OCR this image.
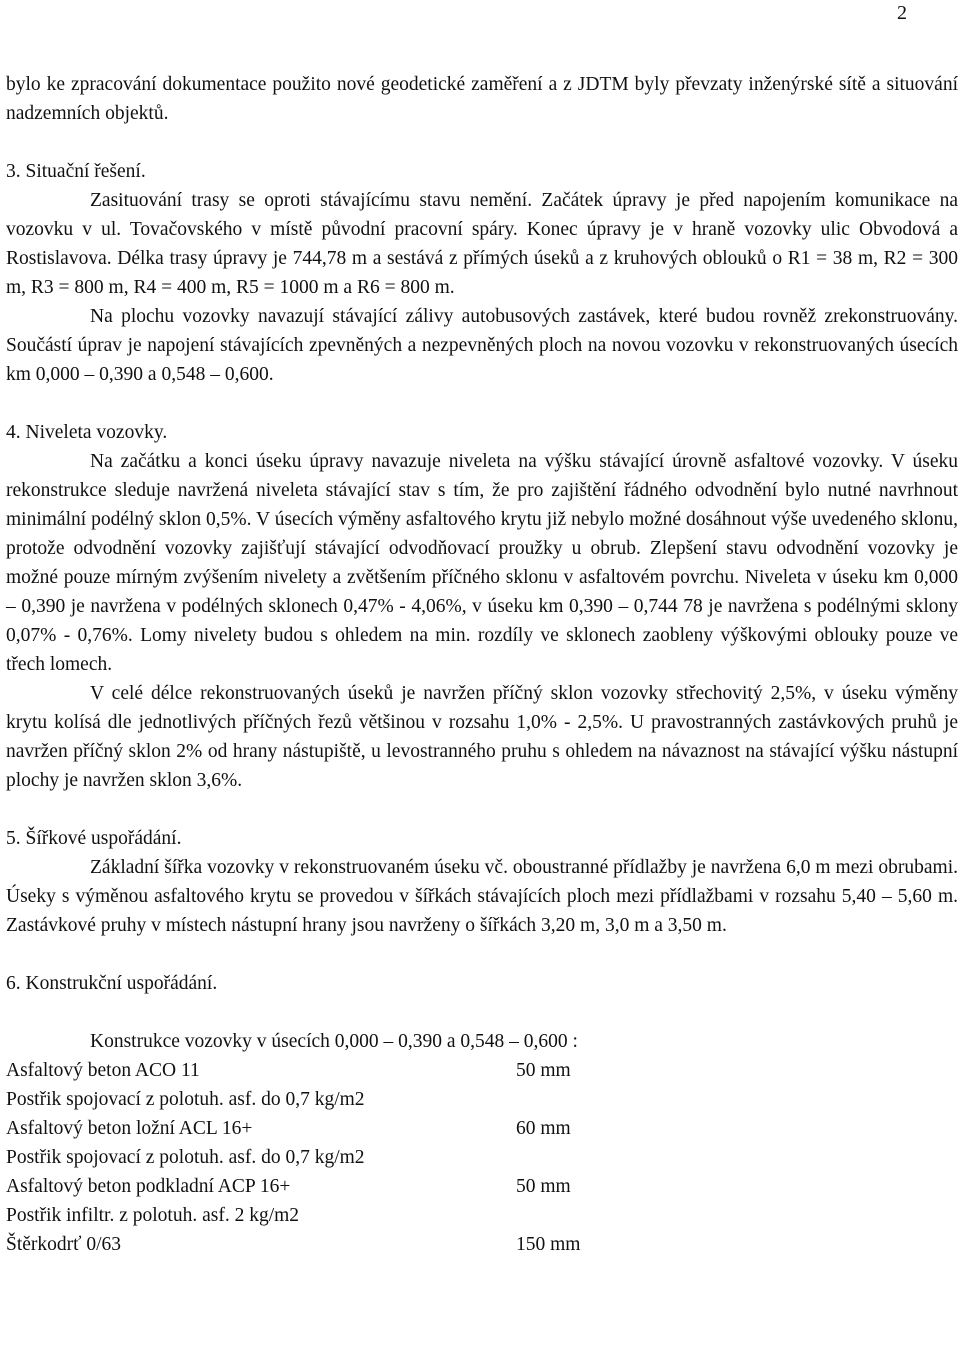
2

bylo ke zpracování dokumentace použito nové geodetické zaměření a z JDTM byly převzaty inženýrské sítě a situování nadzemních objektů.

3. Situační řešení.

Zasituování trasy se oproti stávajícímu stavu nemění. Začátek úpravy je před napojením komunikace na vozovku v ul. Tovačovského v místě původní pracovní spáry. Konec úpravy je v hraně vozovky ulic Obvodová a Rostislavova. Délka trasy úpravy je 744,78 m a sestává z přímých úseků a z kruhových oblouků o R1 = 38 m, R2 = 300 m, R3 = 800 m, R4 = 400 m, R5 = 1000 m a R6 = 800 m.

Na plochu vozovky navazují stávající zálivy autobusových zastávek, které budou rovněž zrekonstruovány. Součástí úprav je napojení stávajících zpevněných a nezpevněných ploch na novou vozovku v rekonstruovaných úsecích km 0,000 – 0,390 a 0,548 – 0,600.

4. Niveleta vozovky.

Na začátku a konci úseku úpravy navazuje niveleta na výšku stávající úrovně asfaltové vozovky. V úseku rekonstrukce sleduje navržená niveleta stávající stav s tím, že pro zajištění řádného odvodnění bylo nutné navrhnout minimální podélný sklon 0,5%. V úsecích výměny asfaltového krytu již nebylo možné dosáhnout výše uvedeného sklonu, protože odvodnění vozovky zajišťují stávající odvodňovací proužky u obrub. Zlepšení stavu odvodnění vozovky je možné pouze mírným zvýšením nivelety a zvětšením příčného sklonu v asfaltovém povrchu. Niveleta v úseku km 0,000 – 0,390 je navržena v podélných sklonech 0,47% - 4,06%, v úseku km 0,390 – 0,744 78 je navržena s podélnými sklony 0,07% - 0,76%. Lomy nivelety budou s ohledem na min. rozdíly ve sklonech zaobleny výškovými oblouky pouze ve třech lomech.

V celé délce rekonstruovaných úseků je navržen příčný sklon vozovky střechovitý 2,5%, v úseku výměny krytu kolísá dle jednotlivých příčných řezů většinou v rozsahu 1,0% - 2,5%. U pravostranných zastávkových pruhů je navržen příčný sklon 2% od hrany nástupiště, u levostranného pruhu s ohledem na návaznost na stávající výšku nástupní plochy je navržen sklon 3,6%.

5. Šířkové uspořádání.

Základní šířka vozovky v rekonstruovaném úseku vč. oboustranné přídlažby je navržena 6,0 m mezi obrubami. Úseky s výměnou asfaltového krytu se provedou v šířkách stávajících ploch mezi přídlažbami v rozsahu 5,40 – 5,60 m. Zastávkové pruhy v místech nástupní hrany jsou navrženy o šířkách 3,20 m, 3,0 m a 3,50 m.

6. Konstrukční uspořádání.

Konstrukce vozovky v úsecích 0,000 – 0,390 a 0,548 – 0,600 :

Asfaltový beton ACO 11	50 mm
Postřik spojovací z polotuh. asf. do 0,7 kg/m2
Asfaltový beton ložní ACL 16+	60 mm
Postřik spojovací z polotuh. asf. do 0,7 kg/m2
Asfaltový beton podkladní ACP 16+	50 mm
Postřik infiltr. z polotuh. asf. 2 kg/m2
Štěrkodrť 0/63	150 mm
